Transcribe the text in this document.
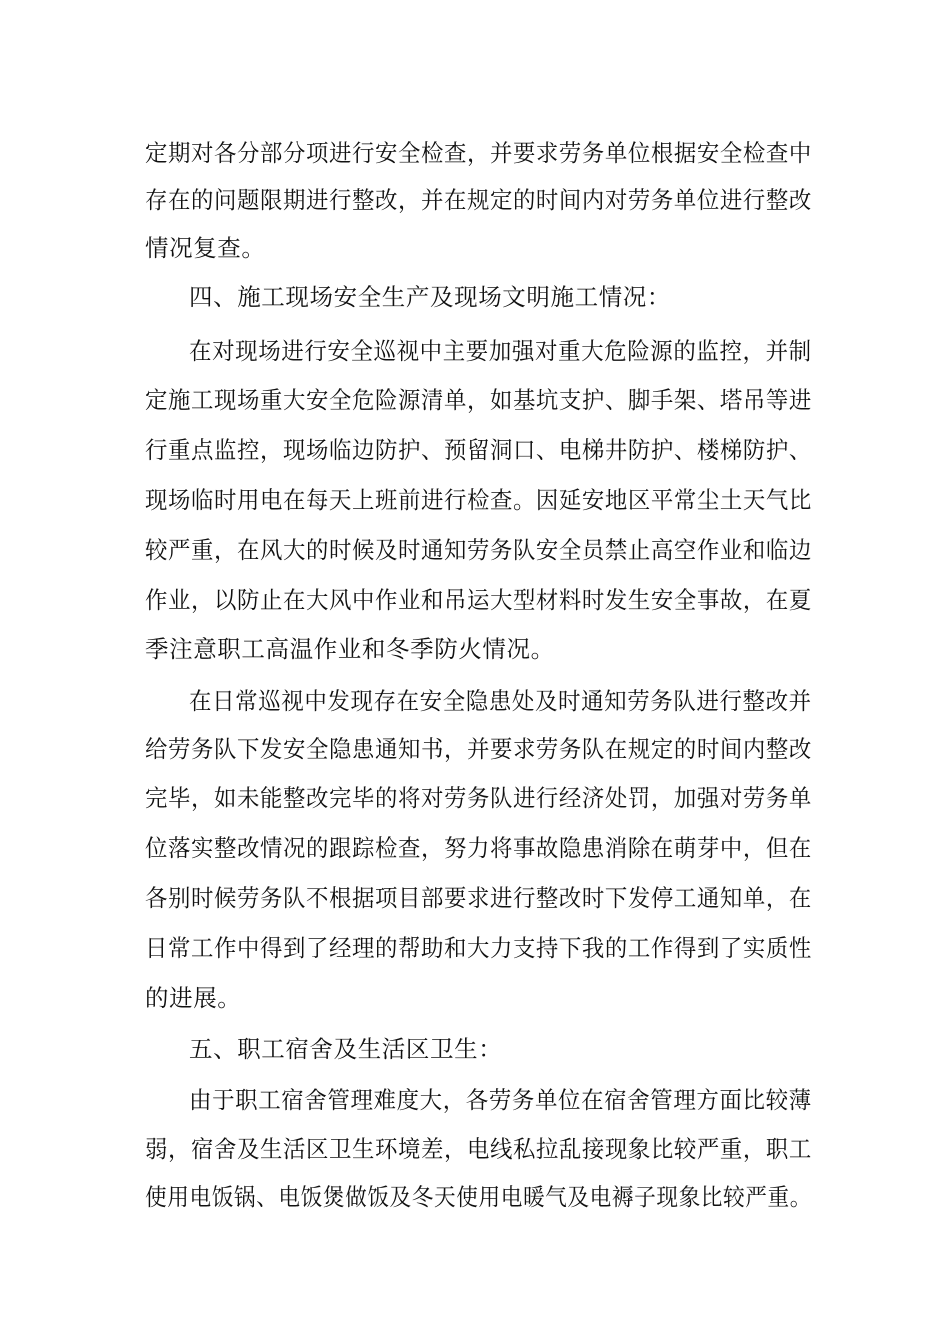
定期对各分部分项进行安全检查，并要求劳务单位根据安全检查中
存在的问题限期进行整改，并在规定的时间内对劳务单位进行整改
情况复查。
四、施工现场安全生产及现场文明施工情况：
在对现场进行安全巡视中主要加强对重大危险源的监控，并制
定施工现场重大安全危险源清单，如基坑支护、脚手架、塔吊等进
行重点监控，现场临边防护、预留洞口、电梯井防护、楼梯防护、
现场临时用电在每天上班前进行检查。因延安地区平常尘土天气比
较严重，在风大的时候及时通知劳务队安全员禁止高空作业和临边
作业，以防止在大风中作业和吊运大型材料时发生安全事故，在夏
季注意职工高温作业和冬季防火情况。
在日常巡视中发现存在安全隐患处及时通知劳务队进行整改并
给劳务队下发安全隐患通知书，并要求劳务队在规定的时间内整改
完毕，如未能整改完毕的将对劳务队进行经济处罚，加强对劳务单
位落实整改情况的跟踪检查，努力将事故隐患消除在萌芽中，但在
各别时候劳务队不根据项目部要求进行整改时下发停工通知单，在
日常工作中得到了经理的帮助和大力支持下我的工作得到了实质性
的进展。
五、职工宿舍及生活区卫生：
由于职工宿舍管理难度大，各劳务单位在宿舍管理方面比较薄
弱，宿舍及生活区卫生环境差，电线私拉乱接现象比较严重，职工
使用电饭锅、电饭煲做饭及冬天使用电暖气及电褥子现象比较严重。
